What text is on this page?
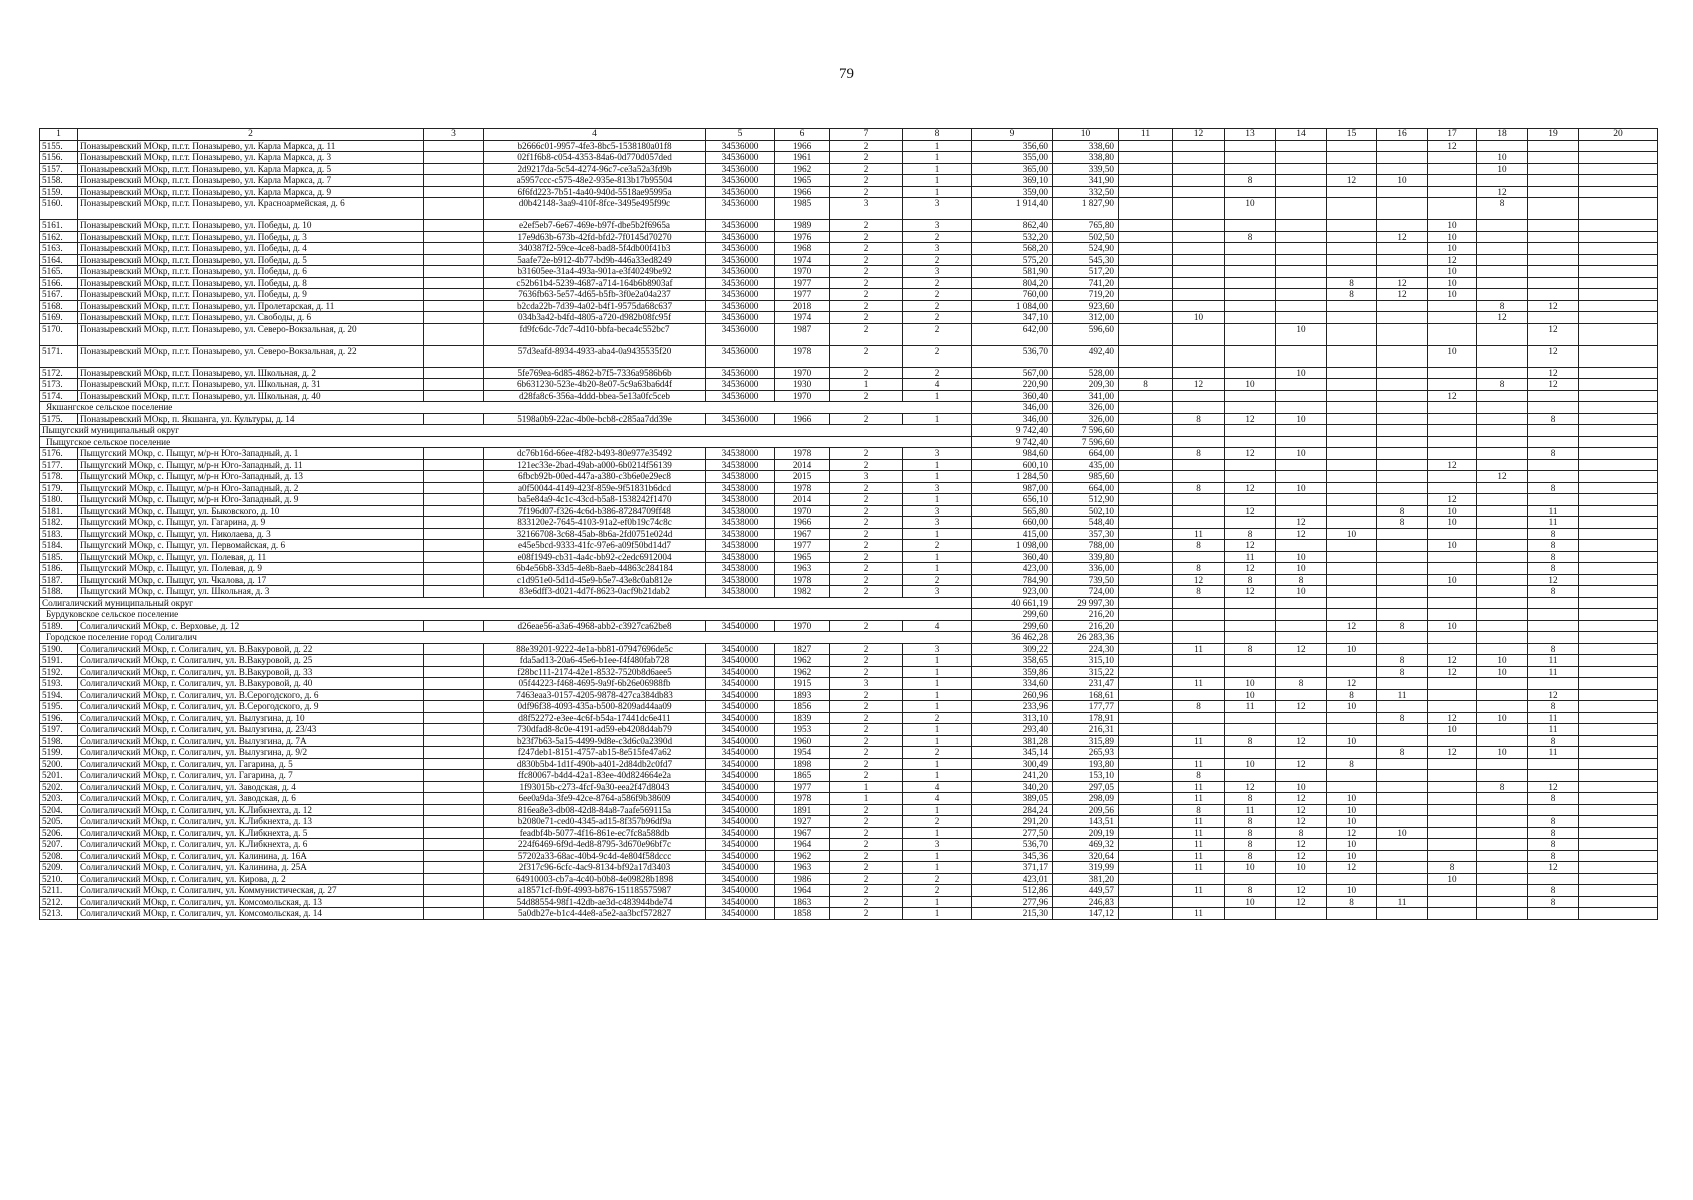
79
1	2	3	4	5	6	7	8	9	10	11	12	13	14	15	16	17	18	19	20	
5155.	Поназыревский МОкр, п.г.т. Поназырево, ул. Карла Маркса, д. 11		b2666c01-9957-4fe3-8bc5-1538180a01f8	34536000	1966	2	1	356,60	338,60							12				
5156.	Поназыревский МОкр, п.г.т. Поназырево, ул. Карла Маркса, д. 3		02f1f6b8-c054-4353-84a6-0d770d057ded	34536000	1961	2	1	355,00	338,80								10			
5157.	Поназыревский МОкр, п.г.т. Поназырево, ул. Карла Маркса, д. 5		2d9217da-5c54-4274-96c7-ce3a52a3fd9b	34536000	1962	2	1	365,00	339,50								10			
5158.	Поназыревский МОкр, п.г.т. Поназырево, ул. Карла Маркса, д. 7		a5957ccc-c575-48e2-935e-813b17b95504	34536000	1965	2	1	369,10	341,90			8		12	10					
5159.	Поназыревский МОкр, п.г.т. Поназырево, ул. Карла Маркса, д. 9		6f6fd223-7b51-4a40-940d-5518ae95995a	34536000	1966	2	1	359,00	332,50								12			
5160.	Поназыревский МОкр, п.г.т. Поназырево, ул. Красноармейская, д. 6		d0b42148-3aa9-410f-8fce-3495e495f99c	34536000	1985	3	3	1 914,40	1 827,90			10					8			
5161.	Поназыревский МОкр, п.г.т. Поназырево, ул. Победы, д. 10		e2ef5eb7-6e67-469e-b97f-dbe5b2f6965a	34536000	1989	2	3	862,40	765,80							10				
5162.	Поназыревский МОкр, п.г.т. Поназырево, ул. Победы, д. 3		17e9d63b-673b-42fd-bfd2-7f0145d70270	34536000	1976	2	2	532,20	502,50			8			12	10				
5163.	Поназыревский МОкр, п.г.т. Поназырево, ул. Победы, д. 4		340387f2-59ce-4ce8-bad8-5f4db00f41b3	34536000	1968	2	3	568,20	524,90							10				
5164.	Поназыревский МОкр, п.г.т. Поназырево, ул. Победы, д. 5		5aafe72e-b912-4b77-bd9b-446a33ed8249	34536000	1974	2	2	575,20	545,30							12				
5165.	Поназыревский МОкр, п.г.т. Поназырево, ул. Победы, д. 6		b31605ee-31a4-493a-901a-e3f40249be92	34536000	1970	2	3	581,90	517,20							10				
5166.	Поназыревский МОкр, п.г.т. Поназырево, ул. Победы, д. 8		c52b61b4-5239-4687-a714-164b6b8903af	34536000	1977	2	2	804,20	741,20					8	12	10				
5167.	Поназыревский МОкр, п.г.т. Поназырево, ул. Победы, д. 9		7636fb63-5e57-4d65-b5fb-3f0e2a04a237	34536000	1977	2	2	760,00	719,20					8	12	10				
5168.	Поназыревский МОкр, п.г.т. Поназырево, ул. Пролетарская, д. 11		b2cda22b-7d39-4a02-b4f1-9575da68c637	34536000	2018	2	2	1 084,00	923,60								8	12		
5169.	Поназыревский МОкр, п.г.т. Поназырево, ул. Свободы, д. 6		034b3a42-b4fd-4805-a720-d982b08fc95f	34536000	1974	2	2	347,10	312,00		10						12			
5170.	Поназыревский МОкр, п.г.т. Поназырево, ул. Северо-Вокзальная, д. 20		fd9fc6dc-7dc7-4d10-bbfa-beca4c552bc7	34536000	1987	2	2	642,00	596,60				10					12		
5171.	Поназыревский МОкр, п.г.т. Поназырево, ул. Северо-Вокзальная, д. 22		57d3eafd-8934-4933-aba4-0a9435535f20	34536000	1978	2	2	536,70	492,40							10		12		
5172.	Поназыревский МОкр, п.г.т. Поназырево, ул. Школьная, д. 2		5fe769ea-6d85-4862-b7f5-7336a9586b6b	34536000	1970	2	2	567,00	528,00				10					12		
5173.	Поназыревский МОкр, п.г.т. Поназырево, ул. Школьная, д. 31		6b631230-523e-4b20-8e07-5c9a63ba6d4f	34536000	1930	1	4	220,90	209,30	8	12	10					8	12		
5174.	Поназыревский МОкр, п.г.т. Поназырево, ул. Школьная, д. 40		d28fa8c6-356a-4ddd-bbea-5e13a0fc5ceb	34536000	1970	2	1	360,40	341,00							12				
Якшангское сельское поселение								346,00	326,00											
5175.	Поназыревский МОкр, п. Якшанга, ул. Культуры, д. 14		5198a0b9-22ac-4b0e-bcb8-c285aa7dd39e	34536000	1966	2	1	346,00	326,00		8	12	10					8		
Пыщугский муниципальный округ								9 742,40	7 596,60											
Пыщугское сельское поселение								9 742,40	7 596,60											
5176.	Пыщугский МОкр, с. Пыщуг, м/р-н Юго-Западный, д. 1		dc76b16d-66ee-4f82-b493-80e977e35492	34538000	1978	2	3	984,60	664,00		8	12	10					8		
5177.	Пыщугский МОкр, с. Пыщуг, м/р-н Юго-Западный, д. 11		121ec33e-2bad-49ab-a000-6b0214f56139	34538000	2014	2	1	600,10	435,00							12				
5178.	Пыщугский МОкр, с. Пыщуг, м/р-н Юго-Западный, д. 13		6fbcb92b-00ed-447a-a380-c3b6e0e29ec8	34538000	2015	3	1	1 284,50	985,60								12			
5179.	Пыщугский МОкр, с. Пыщуг, м/р-н Юго-Западный, д. 2		a0f50044-4149-423f-859e-9f51831b6dcd	34538000	1978	2	3	987,00	664,00		8	12	10					8		
5180.	Пыщугский МОкр, с. Пыщуг, м/р-н Юго-Западный, д. 9		ba5e84a9-4c1c-43cd-b5a8-1538242f1470	34538000	2014	2	1	656,10	512,90							12				
5181.	Пыщугский МОкр, с. Пыщуг, ул. Быковского, д. 10		7f196d07-f326-4c6d-b386-87284709ff48	34538000	1970	2	3	565,80	502,10			12			8	10		11		
5182.	Пыщугский МОкр, с. Пыщуг, ул. Гагарина, д. 9		833120e2-7645-4103-91a2-ef0b19c74c8c	34538000	1966	2	3	660,00	548,40				12		8	10		11		
5183.	Пыщугский МОкр, с. Пыщуг, ул. Николаева, д. 3		32166708-3c68-45ab-8b6a-2fd0751e024d	34538000	1967	2	1	415,00	357,30		11	8	12	10				8		
5184.	Пыщугский МОкр, с. Пыщуг, ул. Первомайская, д. 6		e45e5bcd-9333-41fc-97e6-a09f50bd14d7	34538000	1977	2	2	1 098,00	788,00		8	12				10		8		
5185.	Пыщугский МОкр, с. Пыщуг, ул. Полевая, д. 11		e08f1949-cb31-4a4c-bb92-c2edc6912004	34538000	1965	2	1	360,40	339,80			11	10					8		
5186.	Пыщугский МОкр, с. Пыщуг, ул. Полевая, д. 9		6b4e56b8-33d5-4e8b-8aeb-44863c284184	34538000	1963	2	1	423,00	336,00		8	12	10					8		
5187.	Пыщугский МОкр, с. Пыщуг, ул. Чкалова, д. 17		c1d951e0-5d1d-45e9-b5e7-43e8c0ab812e	34538000	1978	2	2	784,90	739,50		12	8	8			10		12		
5188.	Пыщугский МОкр, с. Пыщуг, ул. Школьная, д. 3		83e6dff3-d021-4d7f-8623-0acf9b21dab2	34538000	1982	2	3	923,00	724,00		8	12	10					8		
Солигаличский муниципальный округ								40 661,19	29 997,30											
Бурдуковское сельское поселение								299,60	216,20											
5189.	Солигаличский МОкр, с. Верховье, д. 12		d26eae56-a3a6-4968-abb2-c3927ca62be8	34540000	1970	2	4	299,60	216,20					12	8	10				
Городское поселение город Солигалич								36 462,28	26 283,36											
5190.	Солигаличский МОкр, г. Солигалич, ул. В.Вакуровой, д. 22		88e39201-9222-4e1a-bb81-07947696de5c	34540000	1827	2	3	309,22	224,30		11	8	12	10				8		
5191.	Солигаличский МОкр, г. Солигалич, ул. В.Вакуровой, д. 25		fda5ad13-20a6-45e6-b1ee-f4f480fab728	34540000	1962	2	1	358,65	315,10						8	12	10	11		
5192.	Солигаличский МОкр, г. Солигалич, ул. В.Вакуровой, д. 33		f28bc111-2174-42e1-8532-7520b8d6aee5	34540000	1962	2	1	359,86	315,22						8	12	10	11		
5193.	Солигаличский МОкр, г. Солигалич, ул. В.Вакуровой, д. 40		05f44223-f468-4695-9a9f-6b26e06988fb	34540000	1915	3	1	334,60	231,47		11	10	8	12						
5194.	Солигаличский МОкр, г. Солигалич, ул. В.Серогодского, д. 6		7463eaa3-0157-4205-9878-427ca384db83	34540000	1893	2	1	260,96	168,61			10		8	11			12		
5195.	Солигаличский МОкр, г. Солигалич, ул. В.Серогодского, д. 9		0df96f38-4093-435a-b500-8209ad44aa09	34540000	1856	2	1	233,96	177,77		8	11	12	10				8		
5196.	Солигаличский МОкр, г. Солигалич, ул. Вылузгина, д. 10		d8f52272-e3ee-4c6f-b54a-17441dc6e411	34540000	1839	2	2	313,10	178,91						8	12	10	11		
5197.	Солигаличский МОкр, г. Солигалич, ул. Вылузгина, д. 23/43		730dfad8-8c0e-4191-ad59-eb4208d4ab79	34540000	1953	2	1	293,40	216,31							10		11		
5198.	Солигаличский МОкр, г. Солигалич, ул. Вылузгина, д. 7А		b23f7b63-5a15-4499-9d8e-c3d6c0a2390d	34540000	1960	2	1	381,28	315,89		11	8	12	10				8		
5199.	Солигаличский МОкр, г. Солигалич, ул. Вылузгина, д. 9/2		f247deb1-8151-4757-ab15-8e515fe47a62	34540000	1954	2	2	345,14	265,93						8	12	10	11		
5200.	Солигаличский МОкр, г. Солигалич, ул. Гагарина, д. 5		d830b5b4-1d1f-490b-a401-2d84db2c0fd7	34540000	1898	2	1	300,49	193,80		11	10	12	8						
5201.	Солигаличский МОкр, г. Солигалич, ул. Гагарина, д. 7		ffc80067-b4d4-42a1-83ee-40d824664e2a	34540000	1865	2	1	241,20	153,10		8									
5202.	Солигаличский МОкр, г. Солигалич, ул. Заводская, д. 4		1f93015b-c273-4fcf-9a30-eea2f47d8043	34540000	1977	1	4	340,20	297,05		11	12	10				8	12		
5203.	Солигаличский МОкр, г. Солигалич, ул. Заводская, д. 6		6ee0a9da-3fe9-42ce-8764-a586f9b38609	34540000	1978	1	4	389,05	298,09		11	8	12	10				8		
5204.	Солигаличский МОкр, г. Солигалич, ул. К.Либкнехта, д. 12		816ea8e3-db08-42d8-84a8-7aafe569115a	34540000	1891	2	1	284,24	209,56		8	11	12	10						
5205.	Солигаличский МОкр, г. Солигалич, ул. К.Либкнехта, д. 13		b2080e71-ced0-4345-ad15-8f357b96df9a	34540000	1927	2	2	291,20	143,51		11	8	12	10				8		
5206.	Солигаличский МОкр, г. Солигалич, ул. К.Либкнехта, д. 5		feadbf4b-5077-4f16-861e-ec7fc8a588db	34540000	1967	2	1	277,50	209,19		11	8	8	12	10			8		
5207.	Солигаличский МОкр, г. Солигалич, ул. К.Либкнехта, д. 6		224f6469-6f9d-4ed8-8795-3d670e96bf7c	34540000	1964	2	3	536,70	469,32		11	8	12	10				8		
5208.	Солигаличский МОкр, г. Солигалич, ул. Калинина, д. 16А		57202a33-68ac-40b4-9c4d-4e804f58dccc	34540000	1962	2	1	345,36	320,64		11	8	12	10				8		
5209.	Солигаличский МОкр, г. Солигалич, ул. Калинина, д. 25А		2f317c96-6cfc-4ac9-8134-bf92a17d3403	34540000	1963	2	1	371,17	319,99		11	10	10	12		8		12		
5210.	Солигаличский МОкр, г. Солигалич, ул. Кирова, д. 2		64910003-cb7a-4c40-b0b8-4e09828b1898	34540000	1986	2	2	423,01	381,20							10				
5211.	Солигаличский МОкр, г. Солигалич, ул. Коммунистическая, д. 27		a18571cf-fb9f-4993-b876-151185575987	34540000	1964	2	2	512,86	449,57		11	8	12	10				8		
5212.	Солигаличский МОкр, г. Солигалич, ул. Комсомольская, д. 13		54d88554-98f1-42db-ae3d-c483944bde74	34540000	1863	2	1	277,96	246,83			10	12	8	11			8		
5213.	Солигаличский МОкр, г. Солигалич, ул. Комсомольская, д. 14		5a0db27e-b1c4-44e8-a5e2-aa3bcf572827	34540000	1858	2	1	215,30	147,12		11									
